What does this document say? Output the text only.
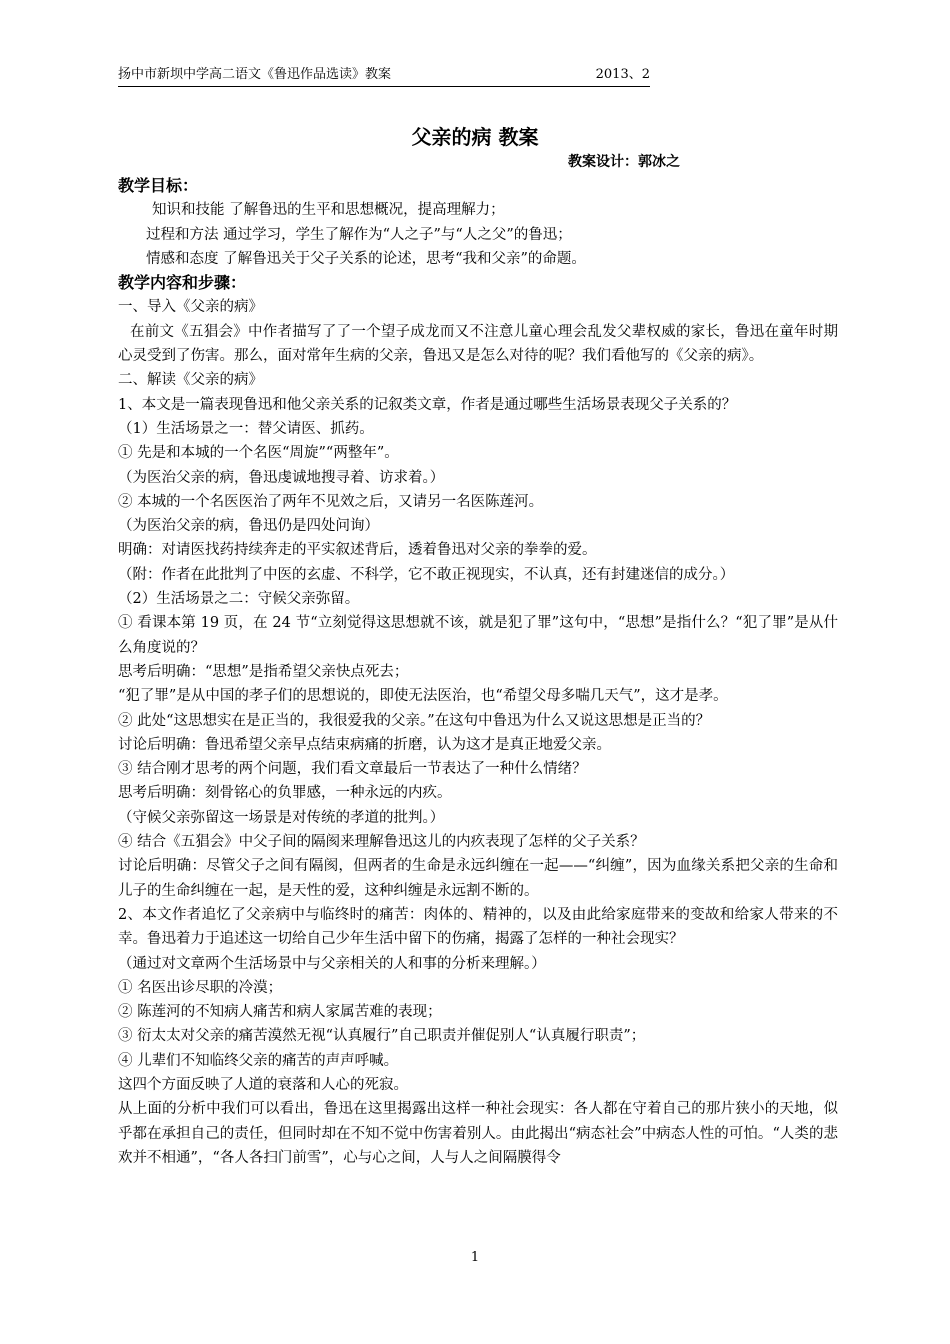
扬中市新坝中学高二语文《鲁迅作品选读》教案	2013、2
父亲的病 教案
教案设计：郭冰之

教学目标：

知识和技能 了解鲁迅的生平和思想概况，提高理解力；

过程和方法 通过学习，学生了解作为“人之子”与“人之父”的鲁迅；

情感和态度 了解鲁迅关于父子关系的论述，思考“我和父亲”的命题。

教学内容和步骤：

一、导入《父亲的病》

在前文《五猖会》中作者描写了了一个望子成龙而又不注意儿童心理会乱发父辈权威的家长，鲁迅在童年时期心灵受到了伤害。那么，面对常年生病的父亲，鲁迅又是怎么对待的呢？我们看他写的《父亲的病》。

二、解读《父亲的病》

1、本文是一篇表现鲁迅和他父亲关系的记叙类文章，作者是通过哪些生活场景表现父子关系的？

（1）生活场景之一：替父请医、抓药。

① 先是和本城的一个名医“周旋”“两整年”。

（为医治父亲的病，鲁迅虔诚地搜寻着、访求着。）

② 本城的一个名医医治了两年不见效之后，又请另一名医陈莲河。

（为医治父亲的病，鲁迅仍是四处问询）

明确：对请医找药持续奔走的平实叙述背后，透着鲁迅对父亲的拳拳的爱。

（附：作者在此批判了中医的玄虚、不科学，它不敢正视现实，不认真，还有封建迷信的成分。）

（2）生活场景之二：守候父亲弥留。

① 看课本第 19 页，在 24 节“立刻觉得这思想就不该，就是犯了罪”这句中，“思想”是指什么？“犯了罪”是从什么角度说的？

思考后明确：“思想”是指希望父亲快点死去；

“犯了罪”是从中国的孝子们的思想说的，即使无法医治，也“希望父母多喘几天气”，这才是孝。

② 此处“这思想实在是正当的，我很爱我的父亲。”在这句中鲁迅为什么又说这思想是正当的？

讨论后明确：鲁迅希望父亲早点结束病痛的折磨，认为这才是真正地爱父亲。

③ 结合刚才思考的两个问题，我们看文章最后一节表达了一种什么情绪？

思考后明确：刻骨铭心的负罪感，一种永远的内疚。

（守候父亲弥留这一场景是对传统的孝道的批判。）

④ 结合《五猖会》中父子间的隔阂来理解鲁迅这儿的内疚表现了怎样的父子关系？

讨论后明确：尽管父子之间有隔阂，但两者的生命是永远纠缠在一起——“纠缠”，因为血缘关系把父亲的生命和儿子的生命纠缠在一起，是天性的爱，这种纠缠是永远割不断的。

2、本文作者追忆了父亲病中与临终时的痛苦：肉体的、精神的，以及由此给家庭带来的变故和给家人带来的不幸。鲁迅着力于追述这一切给自己少年生活中留下的伤痛，揭露了怎样的一种社会现实？

（通过对文章两个生活场景中与父亲相关的人和事的分析来理解。）

① 名医出诊尽职的冷漠；

② 陈莲河的不知病人痛苦和病人家属苦难的表现；

③ 衍太太对父亲的痛苦漠然无视“认真履行”自己职责并催促别人“认真履行职责”；

④ 儿辈们不知临终父亲的痛苦的声声呼喊。

这四个方面反映了人道的衰落和人心的死寂。

从上面的分析中我们可以看出，鲁迅在这里揭露出这样一种社会现实：各人都在守着自己的那片狭小的天地，似乎都在承担自己的责任，但同时却在不知不觉中伤害着别人。由此揭出“病态社会”中病态人性的可怕。“人类的悲欢并不相通”，“各人各扫门前雪”，心与心之间，人与人之间隔膜得令

1
